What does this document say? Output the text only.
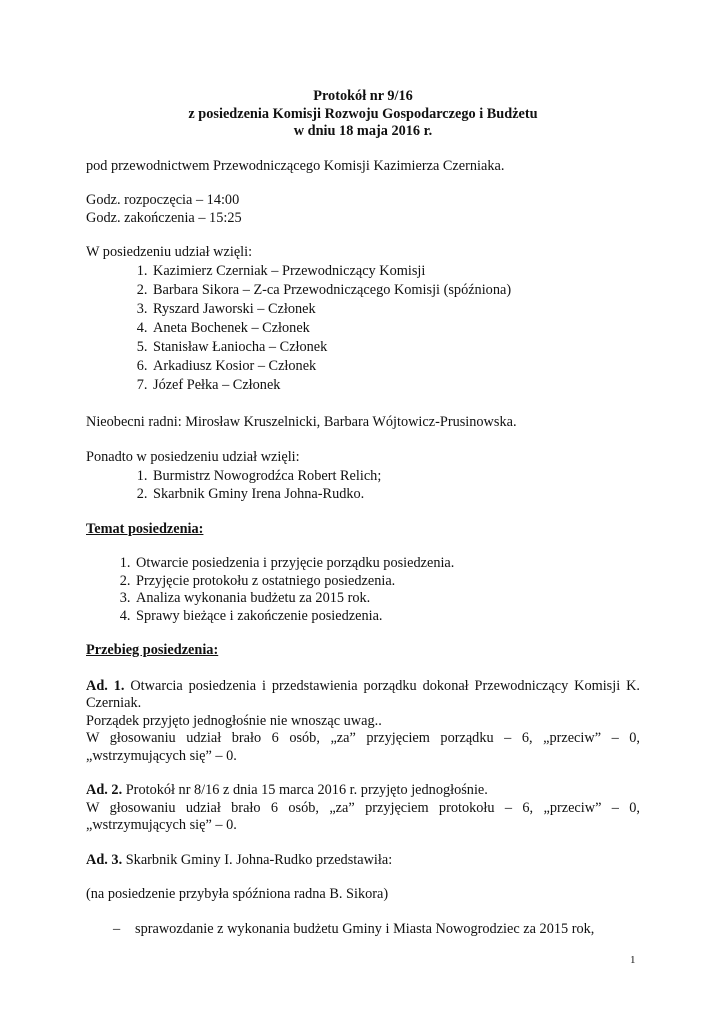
Protokół nr 9/16

z posiedzenia Komisji Rozwoju Gospodarczego i Budżetu

w dniu 18 maja 2016 r.

pod przewodnictwem Przewodniczącego Komisji Kazimierza Czerniaka.

Godz. rozpoczęcia – 14:00

Godz. zakończenia – 15:25

W posiedzeniu udział wzięli:

1. Kazimierz Czerniak – Przewodniczący Komisji
2. Barbara Sikora – Z-ca Przewodniczącego Komisji (spóźniona)
3. Ryszard Jaworski – Członek
4. Aneta Bochenek – Członek
5. Stanisław Łaniocha – Członek
6. Arkadiusz Kosior – Członek
7. Józef Pełka – Członek

Nieobecni radni: Mirosław Kruszelnicki, Barbara Wójtowicz-Prusinowska.

Ponadto w posiedzeniu udział wzięli:

1. Burmistrz Nowogrodźca Robert Relich;
2. Skarbnik Gminy Irena Johna-Rudko.

Temat posiedzenia:

1. Otwarcie posiedzenia i przyjęcie porządku posiedzenia.
2. Przyjęcie protokołu z ostatniego posiedzenia.
3. Analiza wykonania budżetu za 2015 rok.
4. Sprawy bieżące i zakończenie posiedzenia.

Przebieg posiedzenia:

Ad. 1. Otwarcia posiedzenia i przedstawienia porządku dokonał Przewodniczący Komisji K. Czerniak.

Porządek przyjęto jednogłośnie nie wnosząc uwag..

W głosowaniu udział brało 6 osób, „za” przyjęciem porządku – 6, „przeciw” – 0, „wstrzymujących się” – 0.

Ad. 2. Protokół nr 8/16 z dnia 15 marca 2016 r. przyjęto jednogłośnie.

W głosowaniu udział brało 6 osób, „za” przyjęciem protokołu – 6, „przeciw” – 0, „wstrzymujących się” – 0.

Ad. 3. Skarbnik Gminy I. Johna-Rudko przedstawiła:

(na posiedzenie przybyła spóźniona radna B. Sikora)

–	sprawozdanie z wykonania budżetu Gminy i Miasta Nowogrodziec za 2015 rok,
1
